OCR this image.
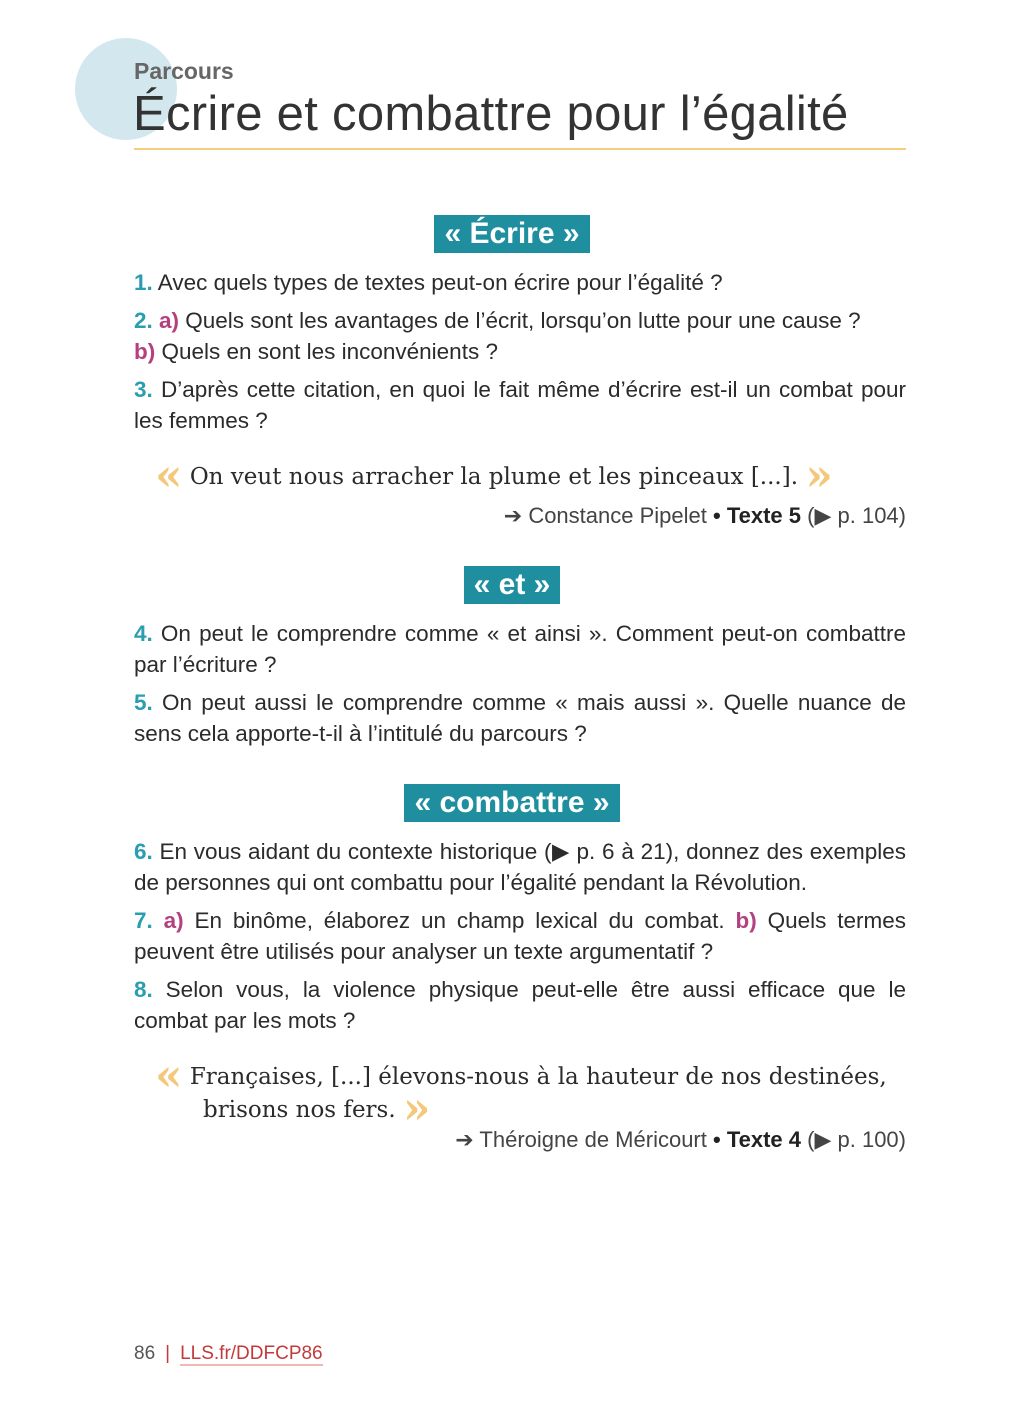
Parcours
Écrire et combattre pour l’égalité
« Écrire »
1. Avec quels types de textes peut-on écrire pour l’égalité ?
2. a) Quels sont les avantages de l’écrit, lorsqu’on lutte pour une cause ?
b) Quels en sont les inconvénients ?
3. D’après cette citation, en quoi le fait même d’écrire est-il un combat pour les femmes ?
« On veut nous arracher la plume et les pinceaux [...]. »
➔ Constance Pipelet • Texte 5 (▶ p. 104)
« et »
4. On peut le comprendre comme « et ainsi ». Comment peut-on combattre par l’écriture ?
5. On peut aussi le comprendre comme « mais aussi ». Quelle nuance de sens cela apporte-t-il à l’intitulé du parcours ?
« combattre »
6. En vous aidant du contexte historique (▶ p. 6 à 21), donnez des exemples de personnes qui ont combattu pour l’égalité pendant la Révolution.
7. a) En binôme, élaborez un champ lexical du combat. b) Quels termes peuvent être utilisés pour analyser un texte argumentatif ?
8. Selon vous, la violence physique peut-elle être aussi efficace que le combat par les mots ?
« Françaises, [...] élevons-nous à la hauteur de nos destinées,
brisons nos fers. »
➔ Théroigne de Méricourt • Texte 4 (▶ p. 100)
86 | LLS.fr/DDFCP86
